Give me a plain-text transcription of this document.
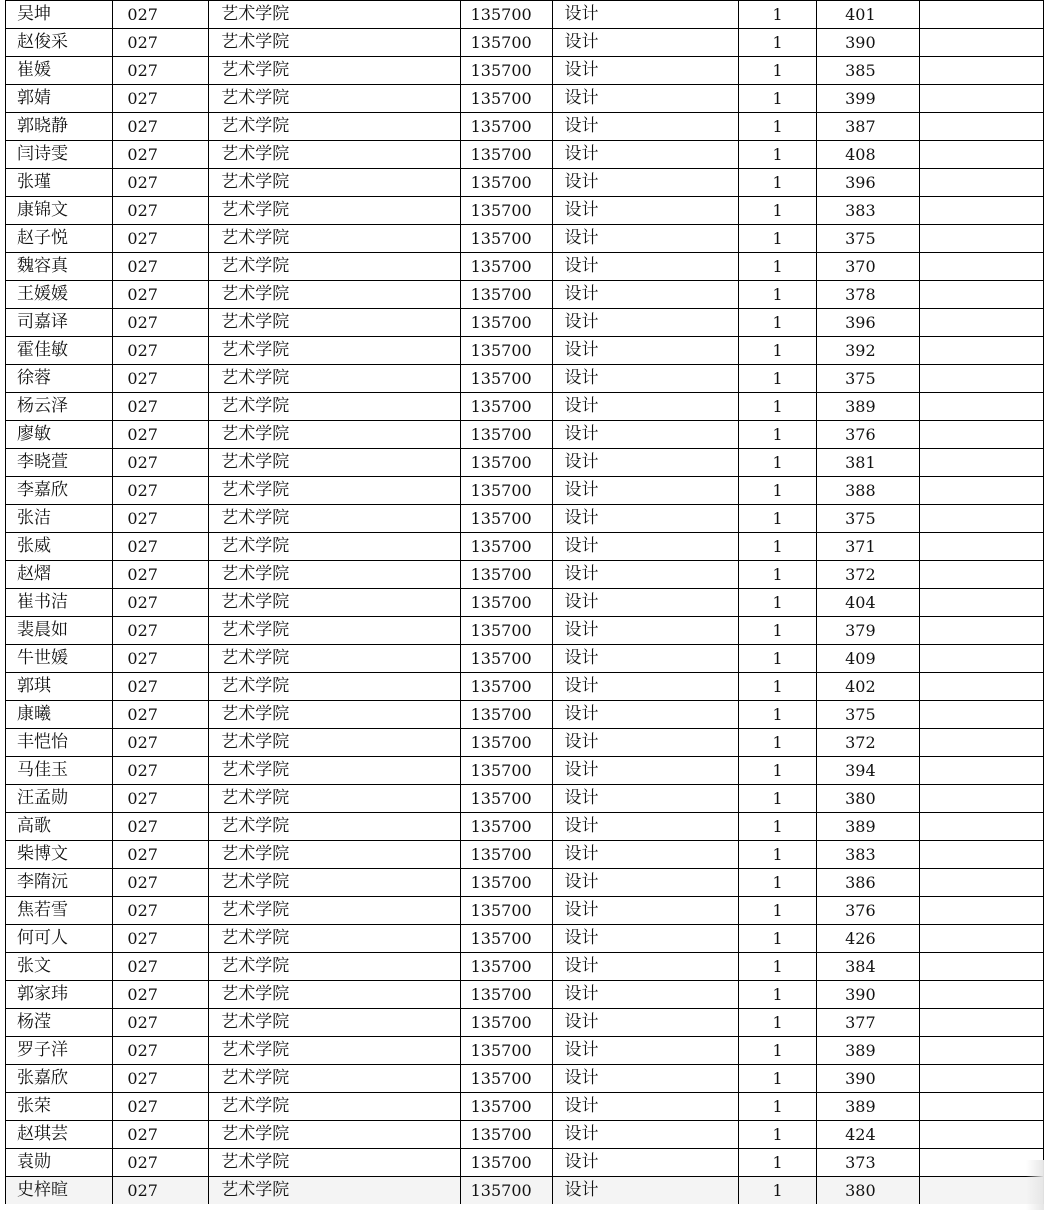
吴坤	027	艺术学院	135700	设计	1	401	
赵俊采	027	艺术学院	135700	设计	1	390	
崔媛	027	艺术学院	135700	设计	1	385	
郭婧	027	艺术学院	135700	设计	1	399	
郭晓静	027	艺术学院	135700	设计	1	387	
闫诗雯	027	艺术学院	135700	设计	1	408	
张瑾	027	艺术学院	135700	设计	1	396	
康锦文	027	艺术学院	135700	设计	1	383	
赵子悦	027	艺术学院	135700	设计	1	375	
魏容真	027	艺术学院	135700	设计	1	370	
王媛媛	027	艺术学院	135700	设计	1	378	
司嘉译	027	艺术学院	135700	设计	1	396	
霍佳敏	027	艺术学院	135700	设计	1	392	
徐蓉	027	艺术学院	135700	设计	1	375	
杨云泽	027	艺术学院	135700	设计	1	389	
廖敏	027	艺术学院	135700	设计	1	376	
李晓萱	027	艺术学院	135700	设计	1	381	
李嘉欣	027	艺术学院	135700	设计	1	388	
张洁	027	艺术学院	135700	设计	1	375	
张威	027	艺术学院	135700	设计	1	371	
赵熠	027	艺术学院	135700	设计	1	372	
崔书洁	027	艺术学院	135700	设计	1	404	
裴晨如	027	艺术学院	135700	设计	1	379	
牛世媛	027	艺术学院	135700	设计	1	409	
郭琪	027	艺术学院	135700	设计	1	402	
康曦	027	艺术学院	135700	设计	1	375	
丰恺怡	027	艺术学院	135700	设计	1	372	
马佳玉	027	艺术学院	135700	设计	1	394	
汪孟勋	027	艺术学院	135700	设计	1	380	
高歌	027	艺术学院	135700	设计	1	389	
柴博文	027	艺术学院	135700	设计	1	383	
李隋沅	027	艺术学院	135700	设计	1	386	
焦若雪	027	艺术学院	135700	设计	1	376	
何可人	027	艺术学院	135700	设计	1	426	
张文	027	艺术学院	135700	设计	1	384	
郭家玮	027	艺术学院	135700	设计	1	390	
杨滢	027	艺术学院	135700	设计	1	377	
罗子洋	027	艺术学院	135700	设计	1	389	
张嘉欣	027	艺术学院	135700	设计	1	390	
张荣	027	艺术学院	135700	设计	1	389	
赵琪芸	027	艺术学院	135700	设计	1	424	
袁勋	027	艺术学院	135700	设计	1	373	
史梓暄	027	艺术学院	135700	设计	1	380	
